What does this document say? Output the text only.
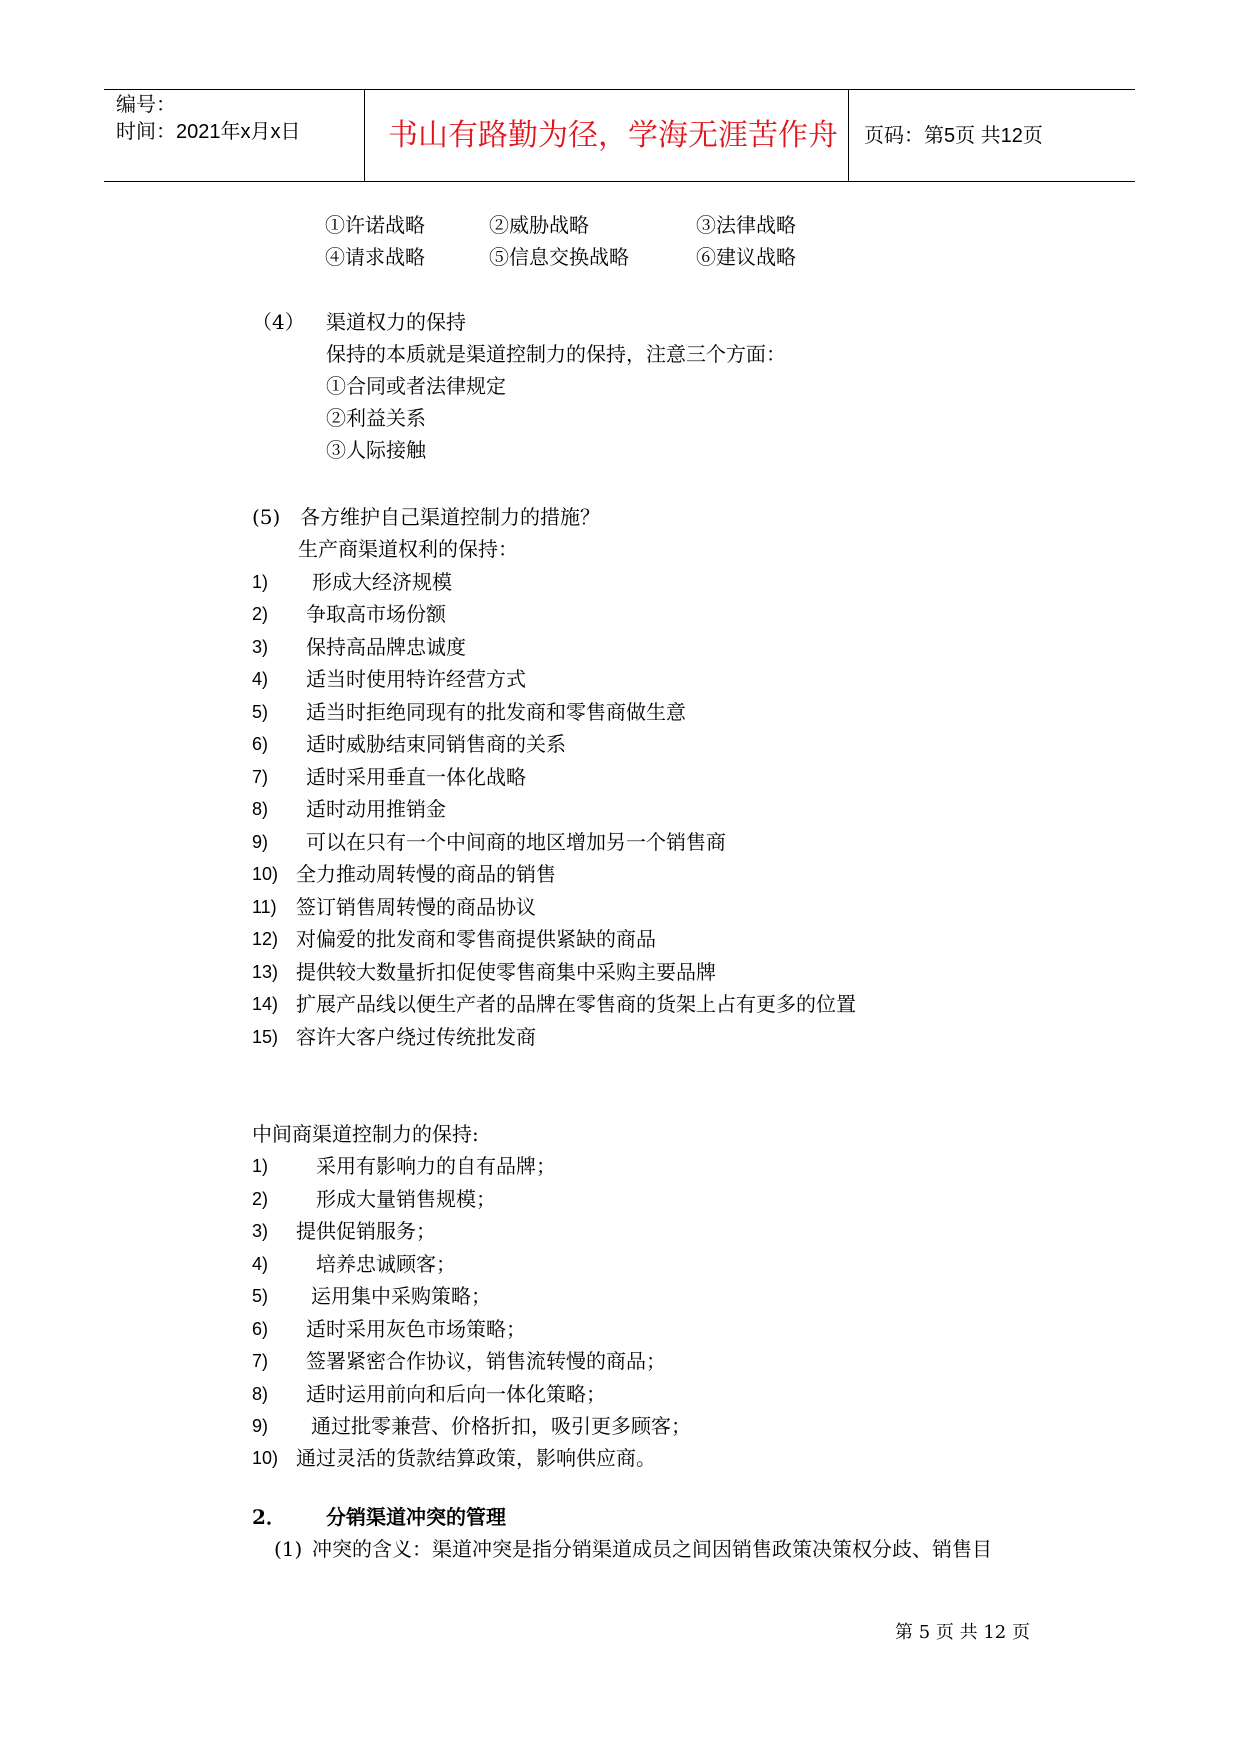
编号：
时间：2021年x月x日	书山有路勤为径，学海无涯苦作舟 页码：第5页 共12页
①许诺战略	②威胁战略	③法律战略
④请求战略	⑤信息交换战略	⑥建议战略
（4） 渠道权力的保持
保持的本质就是渠道控制力的保持，注意三个方面：
①合同或者法律规定
②利益关系
③人际接触
(5) 各方维护自己渠道控制力的措施？
生产商渠道权利的保持：
1) 形成大经济规模
2) 争取高市场份额
3) 保持高品牌忠诚度
4) 适当时使用特许经营方式
5) 适当时拒绝同现有的批发商和零售商做生意
6) 适时威胁结束同销售商的关系
7) 适时采用垂直一体化战略
8) 适时动用推销金
9) 可以在只有一个中间商的地区增加另一个销售商
10) 全力推动周转慢的商品的销售
11) 签订销售周转慢的商品协议
12) 对偏爱的批发商和零售商提供紧缺的商品
13) 提供较大数量折扣促使零售商集中采购主要品牌
14) 扩展产品线以便生产者的品牌在零售商的货架上占有更多的位置
15) 容许大客户绕过传统批发商
中间商渠道控制力的保持:
1) 采用有影响力的自有品牌；
2) 形成大量销售规模；
3) 提供促销服务；
4) 培养忠诚顾客；
5) 运用集中采购策略；
6) 适时采用灰色市场策略；
7) 签署紧密合作协议，销售流转慢的商品；
8) 适时运用前向和后向一体化策略；
9) 通过批零兼营、价格折扣，吸引更多顾客；
10) 通过灵活的货款结算政策，影响供应商。
2． 分销渠道冲突的管理
(1) 冲突的含义：渠道冲突是指分销渠道成员之间因销售政策决策权分歧、销售目
第 5 页 共 12 页
